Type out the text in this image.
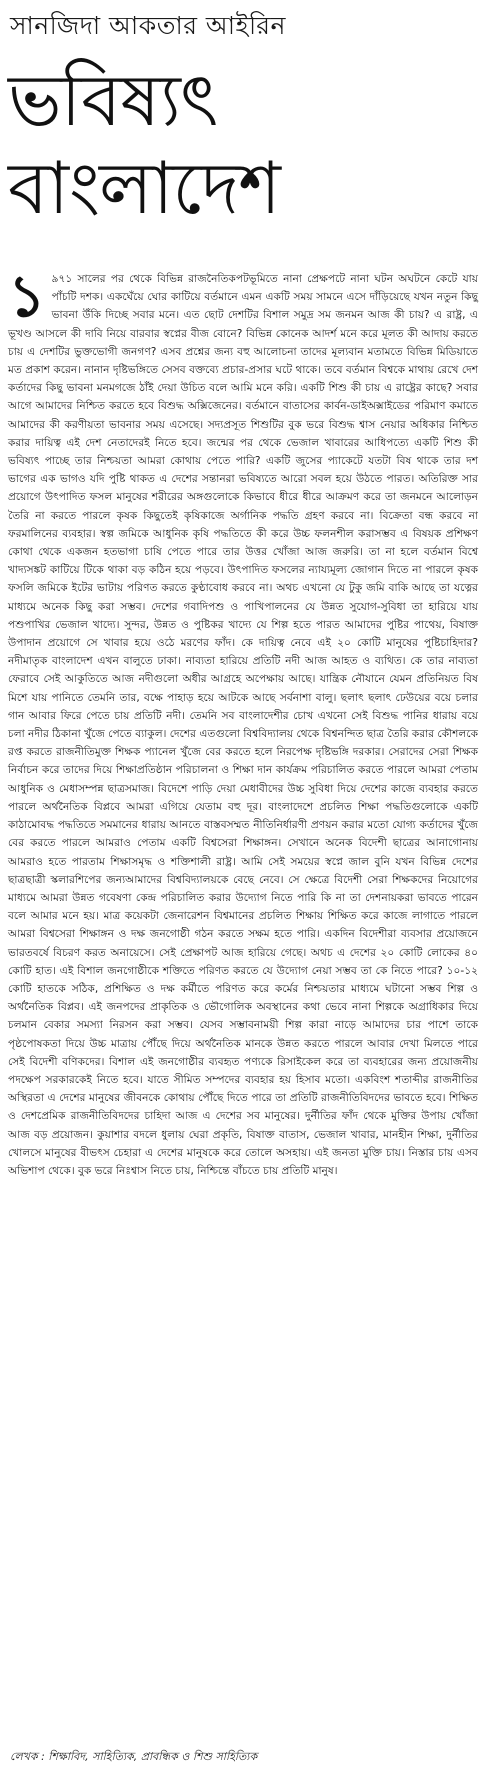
সানজিদা আকতার আইরিন
ভবিষ্যৎ
বাংলাদেশ
১ ৯৭১ সালের পর থেকে বিভিন্ন রাজনৈতিকপটভূমিতে নানা প্রেক্ষপটে নানা ঘটন অঘটনে কেটে যায় পাঁচটি দশক। একঘেঁয়ে ঘোর কাটিয়ে বর্তমানে এমন একটি সময় সামনে এসে দাঁড়িয়েছে যখন নতুন কিছু ভাবনা উঁকি দিচ্ছে সবার মনে। এত ছোট দেশটির বিশাল সমুদ্র সম জনমন আজ কী চায়? এ রাষ্ট্র, এ ভূখণ্ড আসলে কী দাবি নিয়ে বারবার স্বপ্নের বীজ বোনে? বিভিন্ন কোনেক আদর্শ মনে করে মূলত কী আদায় করতে চায় এ দেশটির ভুক্তভোগী জনগণ? এসব প্রশ্নের জন্য বহু আলোচনা তাদের মূল্যবান মতামতে বিভিন্ন মিডিয়াতে মত প্রকাশ করেন। নানান দৃষ্টিভঙ্গিতে সেসব বক্তব্যে প্রচার-প্রসার ঘটে থাকে। তবে বর্তমান বিশ্বকে মাথায় রেখে দেশ কর্তাদের কিছু ভাবনা মনমগজে ঠাঁই দেয়া উচিত বলে আমি মনে করি। একটি শিশু কী চায় এ রাষ্ট্রের কাছে? সবার আগে আমাদের নিশ্চিত করতে হবে বিশুদ্ধ অক্সিজেনের। বর্তমানে বাতাসের কার্বন-ডাইঅক্সাইডের পরিমাণ কমাতে আমাদের কী করণীয়তা ভাবনার সময় এসেছে। সদ্যপ্রসূত শিশুটির বুক ভরে বিশুদ্ধ শ্বাস নেয়ার অধিকার নিশ্চিত করার দায়িত্ব এই দেশ নেতাদেরই নিতে হবে। জন্মের পর থেকে ভেজাল খাবারের আধিপত্যে একটি শিশু কী ভবিষ্যৎ পাচ্ছে তার নিশ্চয়তা আমরা কোথায় পেতে পারি? একটি জুসের প্যাকেটে যতটা বিষ থাকে তার দশ ভাগের এক ভাগও যদি পুষ্টি থাকত এ দেশের সন্তানরা ভবিষ্যতে আরো সবল হয়ে উঠতে পারত। অতিরিক্ত সার প্রয়োগে উৎপাদিত ফসল মানুষের শরীরের অঙ্গগুলোকে কিভাবে ধীরে ধীরে আক্রমণ করে তা জনমনে আলোড়ন তৈরি না করতে পারলে কৃষক কিছুতেই কৃষিকাজে অর্গানিক পদ্ধতি গ্রহণ করবে না। বিক্রেতা বন্ধ করবে না ফরমালিনের ব্যবহার। স্বল্প জমিকে আধুনিক কৃষি পদ্ধতিতে কী করে উচ্চ ফলনশীল করাসম্ভব এ বিষয়ক প্রশিক্ষণ কোথা থেকে একজন হতভাগা চাষি পেতে পারে তার উত্তর খোঁজা আজ জরুরি। তা না হলে বর্তমান বিশ্বে খাদ্যসঙ্কট কাটিয়ে টিকে থাকা বড় কঠিন হয়ে পড়বে। উৎপাদিত ফসলের ন্যায্যমূল্য জোগান দিতে না পারলে কৃষক ফসলি জমিকে ইটের ভাটায় পরিণত করতে কুণ্ঠাবোধ করবে না। অথচ এখনো যে টুকু জমি বাকি আছে তা যত্নের মাধ্যমে অনেক কিছু করা সম্ভব। দেশের গবাদিপশু ও পাখিপালনের যে উন্নত সুযোগ-সুবিধা তা হারিয়ে যায় পশুপাখির ভেজাল খাদ্যে। সুন্দর, উন্নত ও পুষ্টিকর খাদ্যে যে শিল্প হতে পারত আমাদের পুষ্টির পাথেয়, বিষাক্ত উপাদান প্রয়োগে সে খাবার হয়ে ওঠে মরণের ফাঁদ। কে দায়িত্ব নেবে এই ২০ কোটি মানুষের পুষ্টিচাহিদার? নদীমাতৃক বাংলাদেশ এখন বালুতে ঢাকা। নাব্যতা হারিয়ে প্রতিটি নদী আজ আহত ও ব্যথিত। কে তার নাব্যতা ফেরাবে সেই আকুতিতে আজ নদীগুলো অধীর আগ্রহে অপেক্ষায় আছে। যান্ত্রিক নৌযানে যেমন প্রতিনিয়ত বিষ মিশে যায় পানিতে তেমনি তার, বক্ষে পাহাড় হয়ে আটকে আছে সর্বনাশা বালু। ছলাৎ ছলাৎ ঢেউয়ের বয়ে চলার গান আবার ফিরে পেতে চায় প্রতিটি নদী। তেমনি সব বাংলাদেশীর চোখ এখনো সেই বিশুদ্ধ পানির ধারায় বয়ে চলা নদীর ঠিকানা খুঁজে পেতে ব্যাকুল। দেশের এতগুলো বিশ্ববিদ্যালয় থেকে বিশ্বনন্দিত ছাত্র তৈরি করার কৌশলকে রপ্ত করতে রাজনীতিমুক্ত শিক্ষক প্যানেল খুঁজে বের করতে হলে নিরপেক্ষ দৃষ্টিভঙ্গি দরকার। সেরাদের সেরা শিক্ষক নির্বাচন করে তাদের দিয়ে শিক্ষাপ্রতিষ্ঠান পরিচালনা ও শিক্ষা দান কার্যক্রম পরিচালিত করতে পারলে আমরা পেতাম আধুনিক ও মেধাসম্পন্ন ছাত্রসমাজ। বিদেশে পাড়ি দেয়া মেধাবীদের উচ্চ সুবিধা দিয়ে দেশের কাজে ব্যবহার করতে পারলে অর্থনৈতিক বিপ্লবে আমরা এগিয়ে যেতাম বহু দূর। বাংলাদেশে প্রচলিত শিক্ষা পদ্ধতিগুলোকে একটি কাঠামোবদ্ধ পদ্ধতিতে সমমানের ধারায় আনতে বাস্তবসম্মত নীতিনির্ধারণী প্রণয়ন করার মতো যোগ্য কর্তাদের খুঁজে বের করতে পারলে আমরাও পেতাম একটি বিশ্বসেরা শিক্ষাঙ্গন। সেখানে অনেক বিদেশী ছাত্রের আনাগোনায় আমরাও হতে পারতাম শিক্ষাসমৃদ্ধ ও শক্তিশালী রাষ্ট্র। আমি সেই সময়ের স্বপ্নে জাল বুনি যখন বিভিন্ন দেশের ছাত্রছাত্রী স্কলারশিপের জন্যআমাদের বিশ্ববিদ্যালয়কে বেছে নেবে। সে ক্ষেত্রে বিদেশী সেরা শিক্ষকদের নিয়োগের মাধ্যমে আমরা উন্নত গবেষণা কেন্দ্র পরিচালিত করার উদ্যোগ নিতে পারি কি না তা দেশনায়করা ভাবতে পারেন বলে আমার মনে হয়। মাত্র কয়েকটা জেনারেশন বিশ্বমানের প্রচলিত শিক্ষায় শিক্ষিত করে কাজে লাগাতে পারলে আমরা বিশ্বসেরা শিক্ষাঙ্গন ও দক্ষ জনগোষ্ঠী গঠন করতে সক্ষম হতে পারি। একদিন বিদেশীরা ব্যবসার প্রয়োজনে ভারতবর্ষে বিচরণ করত অনায়েসে। সেই প্রেক্ষাপট আজ হারিয়ে গেছে। অথচ এ দেশের ২০ কোটি লোকের ৪০ কোটি হাত। এই বিশাল জনগোষ্ঠীকে শক্তিতে পরিণত করতে যে উদ্যোগ নেয়া সম্ভব তা কে নিতে পারে? ১০-১২ কোটি হাতকে সঠিক, প্রশিক্ষিত ও দক্ষ কর্মীতে পরিণত করে কর্মের নিশ্চয়তার মাধ্যমে ঘটানো সম্ভব শিল্প ও অর্থনৈতিক বিপ্লব। এই জনপদের প্রাকৃতিক ও ভৌগোলিক অবস্থানের কথা ভেবে নানা শিল্পকে অগ্রাধিকার দিয়ে চলমান বেকার সমস্যা নিরসন করা সম্ভব। যেসব সম্ভাবনাময়ী শিল্প কারা নাড়ে আমাদের চার পাশে তাকে পৃষ্ঠপোষকতা দিয়ে উচ্চ মাত্রায় পৌঁছে দিয়ে অর্থনৈতিক মানকে উন্নত করতে পারলে আবার দেখা মিলতে পারে সেই বিদেশী বণিকদের। বিশাল এই জনগোষ্ঠীর ব্যবহৃত পণ্যকে রিসাইকেল করে তা ব্যবহারের জন্য প্রয়োজনীয় পদক্ষেপ সরকারকেই নিতে হবে। যাতে সীমিত সম্পদের ব্যবহার হয় হিসাব মতো। একবিংশ শতাব্দীর রাজনীতির অস্থিরতা এ দেশের মানুষের জীবনকে কোথায় পৌঁছে দিতে পারে তা প্রতিটি রাজনীতিবিদদের ভাবতে হবে। শিক্ষিত ও দেশপ্রেমিক রাজনীতিবিদদের চাহিদা আজ এ দেশের সব মানুষের। দুর্নীতির ফাঁদ থেকে মুক্তির উপায় খোঁজা আজ বড় প্রয়োজন। কুয়াশার বদলে ধুলায় ঘেরা প্রকৃতি, বিষাক্ত বাতাস, ভেজাল খাবার, মানহীন শিক্ষা, দুর্নীতির খোলসে মানুষের বীভৎস চেহারা এ দেশের মানুষকে করে তোলে অসহায়। এই জনতা মুক্তি চায়। নিস্তার চায় এসব অভিশাপ থেকে। বুক ভরে নিঃশ্বাস নিতে চায়, নিশ্চিন্তে বাঁচতে চায় প্রতিটি মানুষ।
লেখক : শিক্ষাবিদ, সাহিত্যিক, প্রাবন্ধিক ও শিশু সাহিত্যিক
